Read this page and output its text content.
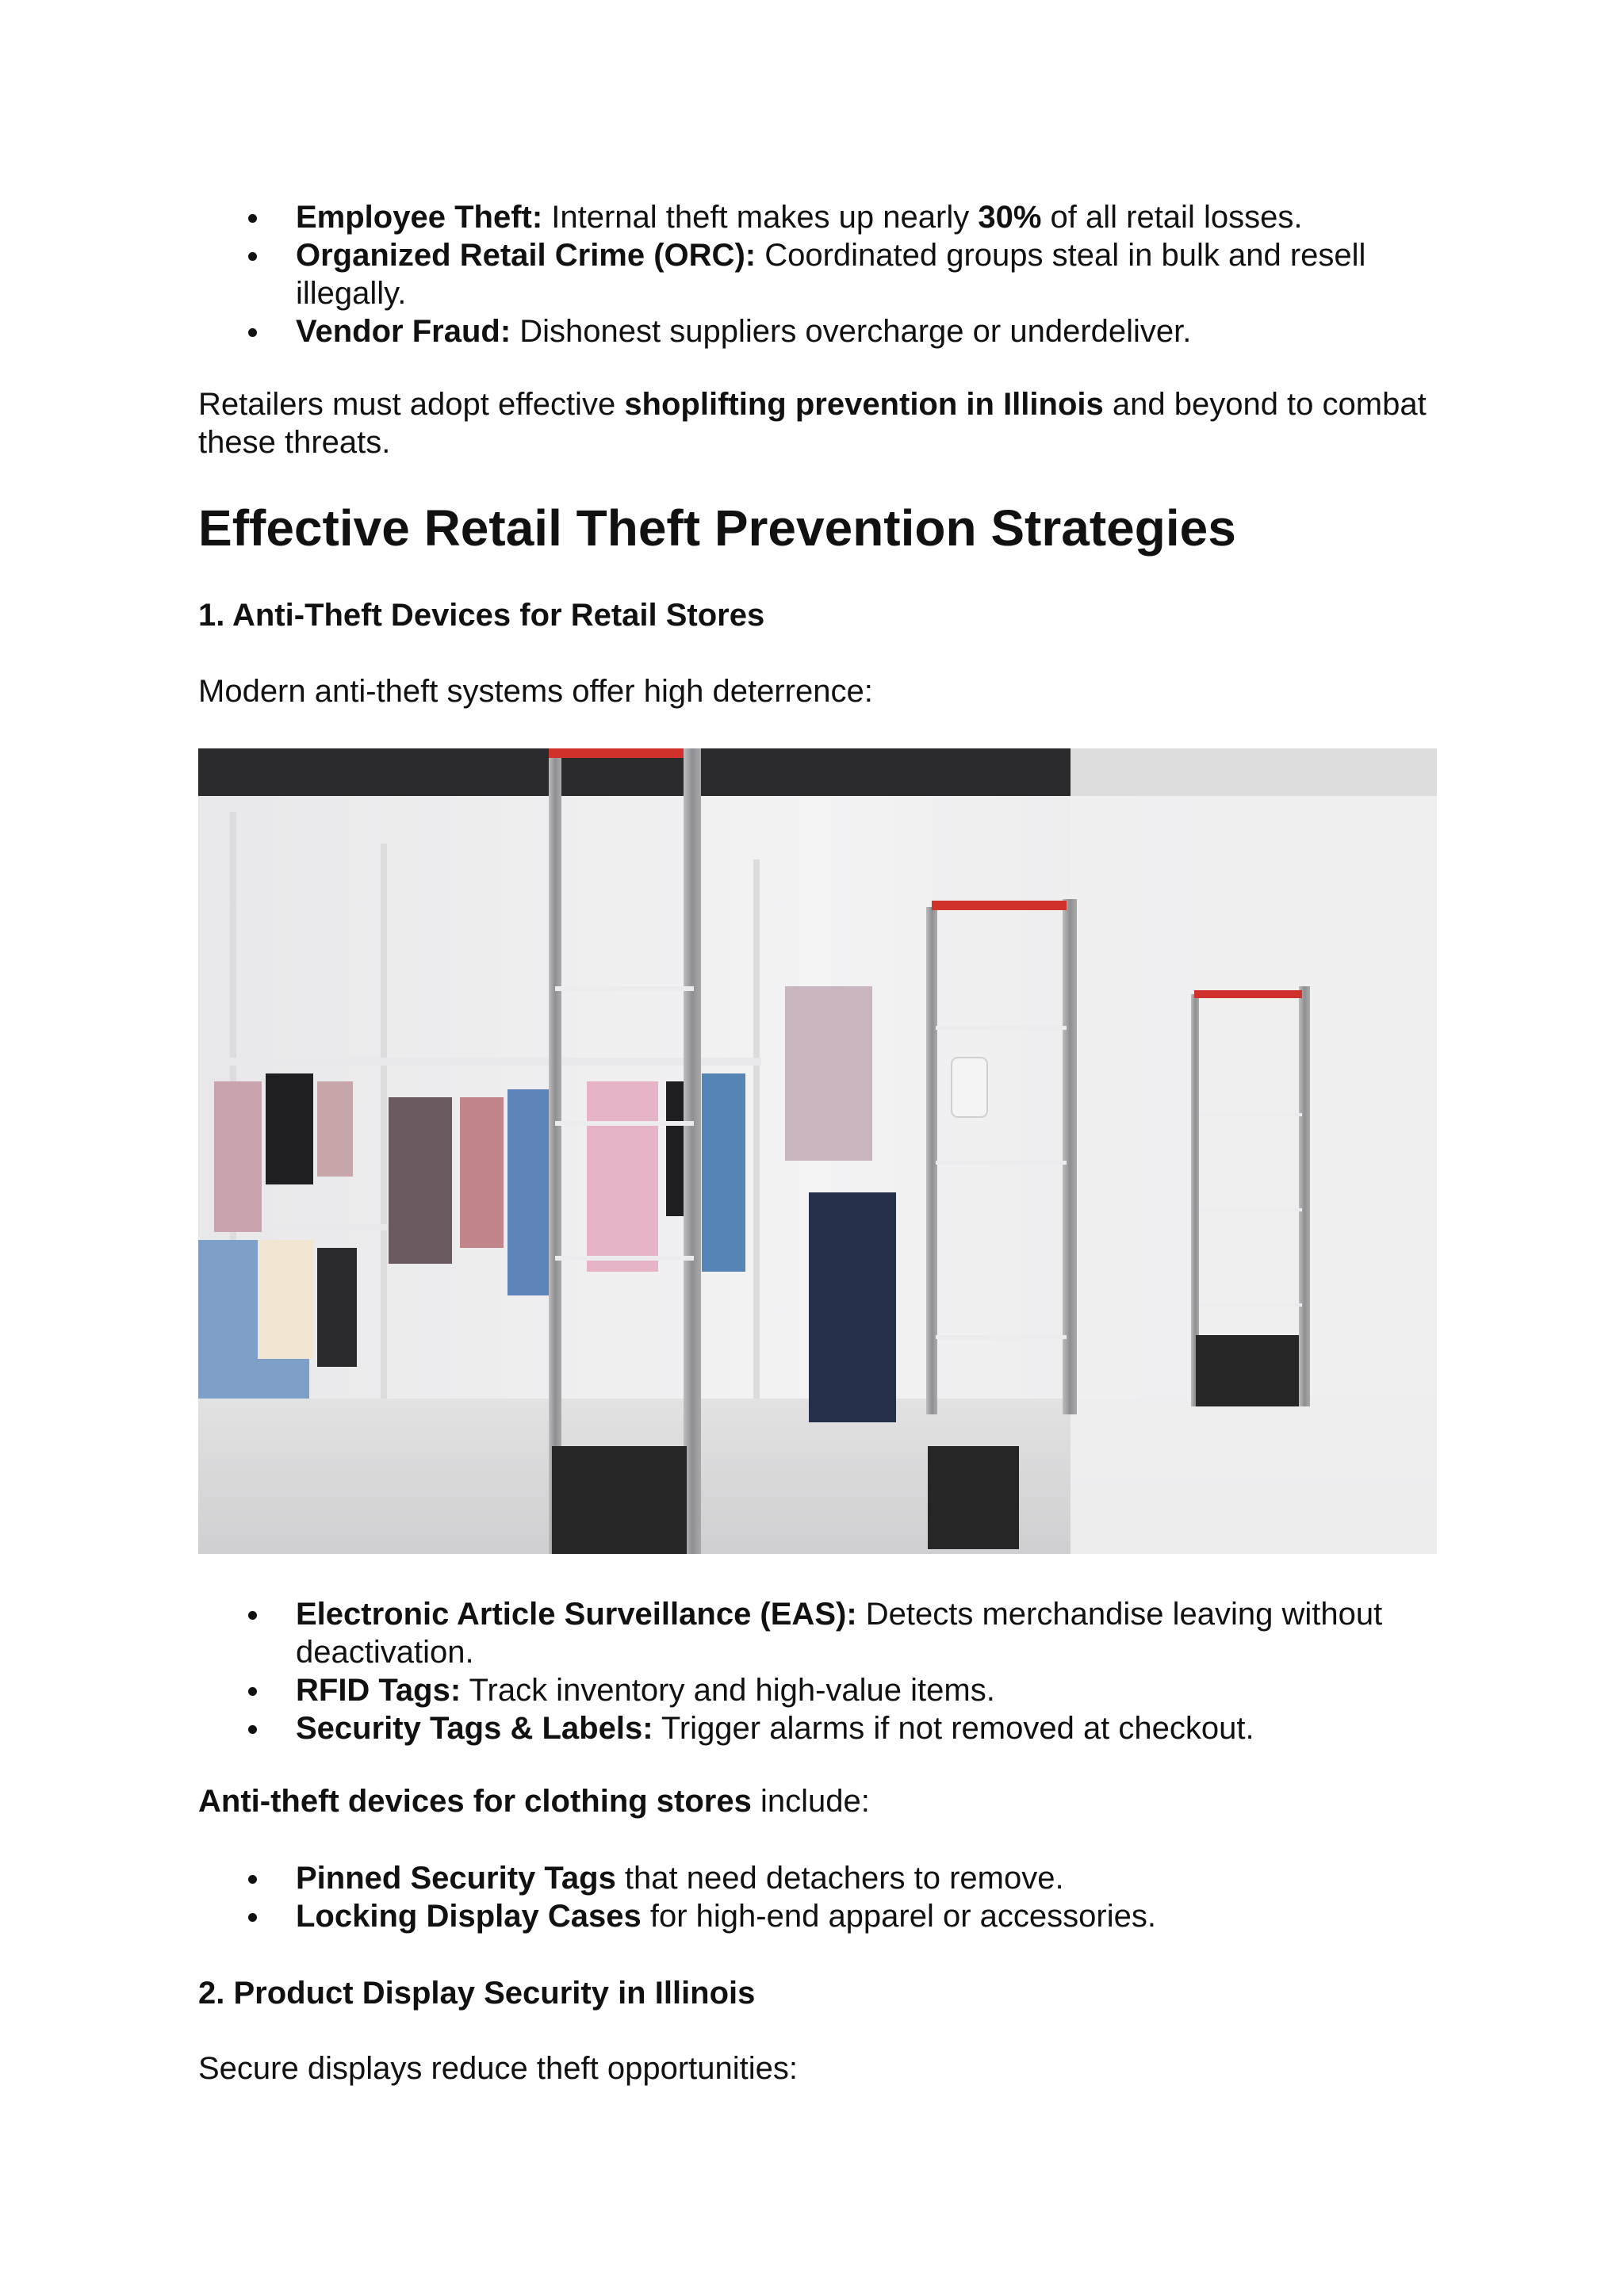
Employee Theft: Internal theft makes up nearly 30% of all retail losses.
Organized Retail Crime (ORC): Coordinated groups steal in bulk and resell illegally.
Vendor Fraud: Dishonest suppliers overcharge or underdeliver.

Retailers must adopt effective shoplifting prevention in Illinois and beyond to combat these threats.

Effective Retail Theft Prevention Strategies
1. Anti-Theft Devices for Retail Stores

Modern anti-theft systems offer high deterrence:

Electronic Article Surveillance (EAS): Detects merchandise leaving without deactivation.
RFID Tags: Track inventory and high-value items.
Security Tags & Labels: Trigger alarms if not removed at checkout.

Anti-theft devices for clothing stores include:

Pinned Security Tags that need detachers to remove.
Locking Display Cases for high-end apparel or accessories.
2. Product Display Security in Illinois

Secure displays reduce theft opportunities:
